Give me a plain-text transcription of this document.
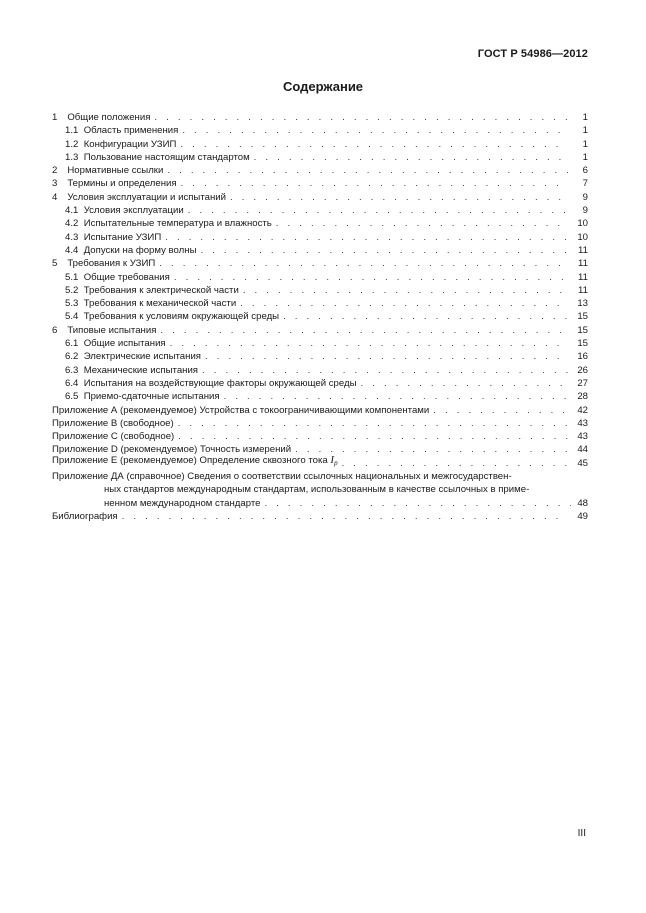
ГОСТ Р 54986—2012
Содержание
1 Общие положения . . .	1
1.1 Область применения . . .	1
1.2 Конфигурации УЗИП . . .	1
1.3 Пользование настоящим стандартом . . .	1
2 Нормативные ссылки . . .	6
3 Термины и определения . . .	7
4 Условия эксплуатации и испытаний . . .	9
4.1 Условия эксплуатации . . .	9
4.2 Испытательные температура и влажность . . .	10
4.3 Испытание УЗИП . . .	10
4.4 Допуски на форму волны . . .	11
5 Требования к УЗИП . . .	11
5.1 Общие требования . . .	11
5.2 Требования к электрической части . . .	11
5.3 Требования к механической части . . .	13
5.4 Требования к условиям окружающей среды . . .	15
6 Типовые испытания . . .	15
6.1 Общие испытания . . .	15
6.2 Электрические испытания . . .	16
6.3 Механические испытания . . .	26
6.4 Испытания на воздействующие факторы окружающей среды . . .	27
6.5 Приемо-сдаточные испытания . . .	28
Приложение А (рекомендуемое) Устройства с токоограничивающими компонентами . . .	42
Приложение В (свободное) . . .	43
Приложение С (свободное) . . .	43
Приложение D (рекомендуемое) Точность измерений . . .	44
Приложение Е (рекомендуемое) Определение сквозного тока $I_p$ . . .	45
Приложение ДА (справочное) Сведения о соответствии ссылочных национальных и межгосударствен-
ных стандартов международным стандартам, использованным в качестве ссылочных в приме-
ненном международном стандарте . . .	48
Библиография . . .	49
III
